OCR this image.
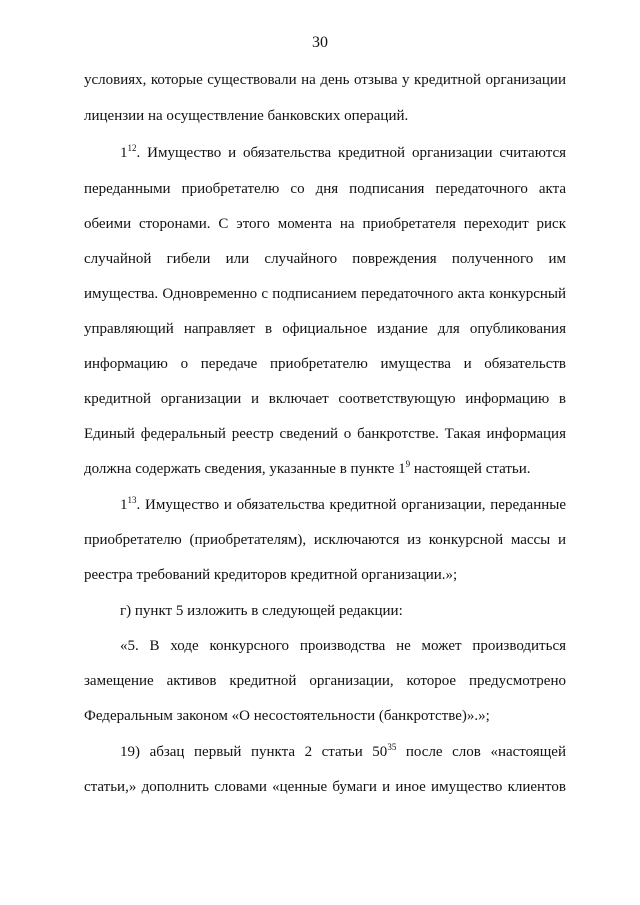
30
условиях, которые существовали на день отзыва у кредитной организации
лицензии на осуществление банковских операций.
$1^{12}$. Имущество и обязательства кредитной организации считаются
переданными приобретателю со дня подписания передаточного акта
обеими сторонами. С этого момента на приобретателя переходит риск
случайной гибели или случайного повреждения полученного им
имущества. Одновременно с подписанием передаточного акта конкурсный
управляющий направляет в официальное издание для опубликования
информацию о передаче приобретателю имущества и обязательств
кредитной организации и включает соответствующую информацию в
Единый федеральный реестр сведений о банкротстве. Такая информация
должна содержать сведения, указанные в пункте $1^9$ настоящей статьи.
$1^{13}$. Имущество и обязательства кредитной организации, переданные
приобретателю (приобретателям), исключаются из конкурсной массы и
реестра требований кредиторов кредитной организации.»;
г) пункт 5 изложить в следующей редакции:
«5. В ходе конкурсного производства не может производиться
замещение активов кредитной организации, которое предусмотрено
Федеральным законом «О несостоятельности (банкротстве)».»;
19) абзац первый пункта 2 статьи $50^{35}$ после слов «настоящей
статьи,» дополнить словами «ценные бумаги и иное имущество клиентов
